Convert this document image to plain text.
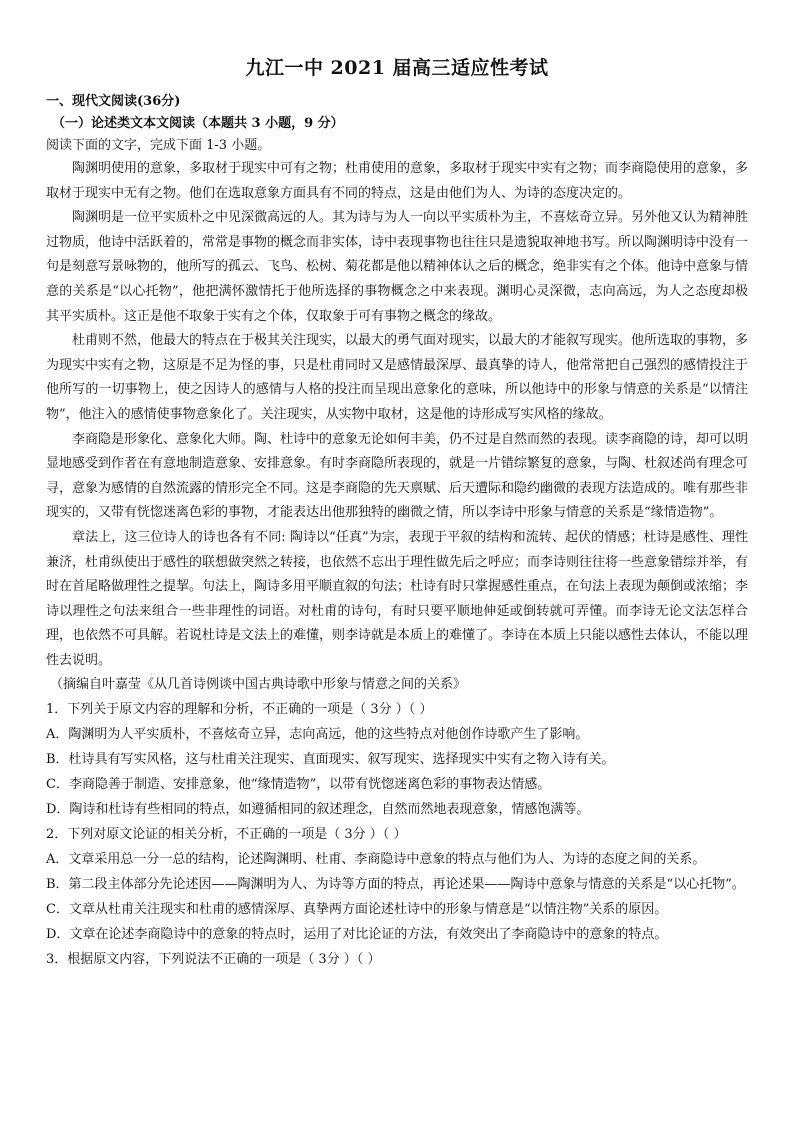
九江一中 2021 届高三适应性考试

一、现代文阅读(36分)

（一）论述类文本文阅读（本题共 3 小题，9 分）

阅读下面的文字，完成下面 1-3 小题。

陶渊明使用的意象，多取材于现实中可有之物；杜甫使用的意象，多取材于现实中实有之物；而李商隐使用的意象，多取材于现实中无有之物。他们在选取意象方面具有不同的特点，这是由他们为人、为诗的态度决定的。

陶渊明是一位平实质朴之中见深微高远的人。其为诗与为人一向以平实质朴为主，不喜炫奇立异。另外他又认为精神胜过物质，他诗中活跃着的，常常是事物的概念而非实体，诗中表现事物也往往只是遗貌取神地书写。所以陶渊明诗中没有一句是刻意写景咏物的，他所写的孤云、飞鸟、松树、菊花都是他以精神体认之后的概念，绝非实有之个体。他诗中意象与情意的关系是“以心托物”，他把满怀激情托于他所选择的事物概念之中来表现。渊明心灵深微，志向高远，为人之态度却极其平实质朴。这正是他不取象于实有之个体，仅取象于可有事物之概念的缘故。

杜甫则不然，他最大的特点在于极其关注现实，以最大的勇气面对现实，以最大的才能叙写现实。他所选取的事物，多为现实中实有之物，这原是不足为怪的事，只是杜甫同时又是感情最深厚、最真挚的诗人，他常常把自己强烈的感情投注于他所写的一切事物上，使之因诗人的感情与人格的投注而呈现出意象化的意味，所以他诗中的形象与情意的关系是“以情注物”，他注入的感情使事物意象化了。关注现实，从实物中取材，这是他的诗形成写实风格的缘故。

李商隐是形象化、意象化大师。陶、杜诗中的意象无论如何丰美，仍不过是自然而然的表现。读李商隐的诗，却可以明显地感受到作者在有意地制造意象、安排意象。有时李商隐所表现的，就是一片错综繁复的意象，与陶、杜叙述尚有理念可寻，意象为感情的自然流露的情形完全不同。这是李商隐的先天禀赋、后天遭际和隐约幽微的表现方法造成的。唯有那些非现实的，又带有恍惚迷离色彩的事物，才能表达出他那独特的幽微之情，所以李诗中形象与情意的关系是“缘情造物”。

章法上，这三位诗人的诗也各有不同: 陶诗以“任真”为宗，表现于平叙的结构和流转、起伏的情感；杜诗是感性、理性兼济，杜甫纵使出于感性的联想做突然之转接，也依然不忘出于理性做先后之呼应；而李诗则往往将一些意象错综并举，有时在首尾略做理性之提挈。句法上，陶诗多用平顺直叙的句法；杜诗有时只掌握感性重点，在句法上表现为颠倒或浓缩；李诗以理性之句法来组合一些非理性的词语。对杜甫的诗句，有时只要平顺地伸延或倒转就可弄懂。而李诗无论文法怎样合理，也依然不可具解。若说杜诗是文法上的难懂，则李诗就是本质上的难懂了。李诗在本质上只能以感性去体认，不能以理性去说明。

（摘编自叶嘉莹《从几首诗例谈中国古典诗歌中形象与情意之间的关系》

1．下列关于原文内容的理解和分析，不正确的一项是（ 3分 ）（ ）

A．陶渊明为人平实质朴，不喜炫奇立异，志向高远，他的这些特点对他创作诗歌产生了影响。

B．杜诗具有写实风格，这与杜甫关注现实、直面现实、叙写现实、选择现实中实有之物入诗有关。

C．李商隐善于制造、安排意象，他“缘情造物”，以带有恍惚迷离色彩的事物表达情感。

D．陶诗和杜诗有些相同的特点，如遵循相同的叙述理念，自然而然地表现意象，情感饱满等。

2．下列对原文论证的相关分析，不正确的一项是（ 3分 ）（ ）

A．文章采用总一分一总的结构，论述陶渊明、杜甫、李商隐诗中意象的特点与他们为人、为诗的态度之间的关系。

B．第二段主体部分先论述因——陶渊明为人、为诗等方面的特点，再论述果——陶诗中意象与情意的关系是“以心托物”。

C．文章从杜甫关注现实和杜甫的感情深厚、真挚两方面论述杜诗中的形象与情意是“以情注物”关系的原因。

D．文章在论述李商隐诗中的意象的特点时，运用了对比论证的方法，有效突出了李商隐诗中的意象的特点。

3．根据原文内容，下列说法不正确的一项是（ 3分 ）（ ）
